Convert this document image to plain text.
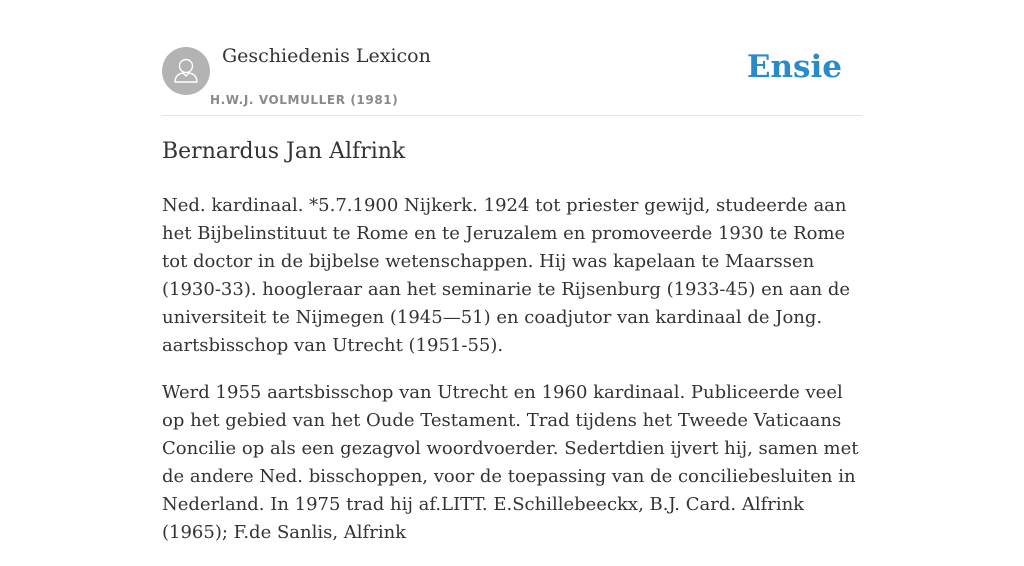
Geschiedenis Lexicon
H.W.J. VOLMULLER (1981)
Ensie
Bernardus Jan Alfrink

Ned. kardinaal. *5.7.1900 Nijkerk. 1924 tot priester gewijd, studeerde aan het Bijbelinstituut te Rome en te Jeruzalem en promoveerde 1930 te Rome tot doctor in de bijbelse wetenschappen. Hij was kapelaan te Maarssen (1930-33). hoogleraar aan het seminarie te Rijsenburg (1933-45) en aan de universiteit te Nijmegen (1945—51) en coadjutor van kardinaal de Jong. aartsbisschop van Utrecht (1951-55).

Werd 1955 aartsbisschop van Utrecht en 1960 kardinaal. Publiceerde veel op het gebied van het Oude Testament. Trad tijdens het Tweede Vaticaans Concilie op als een gezagvol woordvoerder. Sedertdien ijvert hij, samen met de andere Ned. bisschoppen, voor de toepassing van de conciliebesluiten in Nederland. In 1975 trad hij af.LITT. E.Schillebeeckx, B.J. Card. Alfrink (1965); F.de Sanlis, Alfrink
